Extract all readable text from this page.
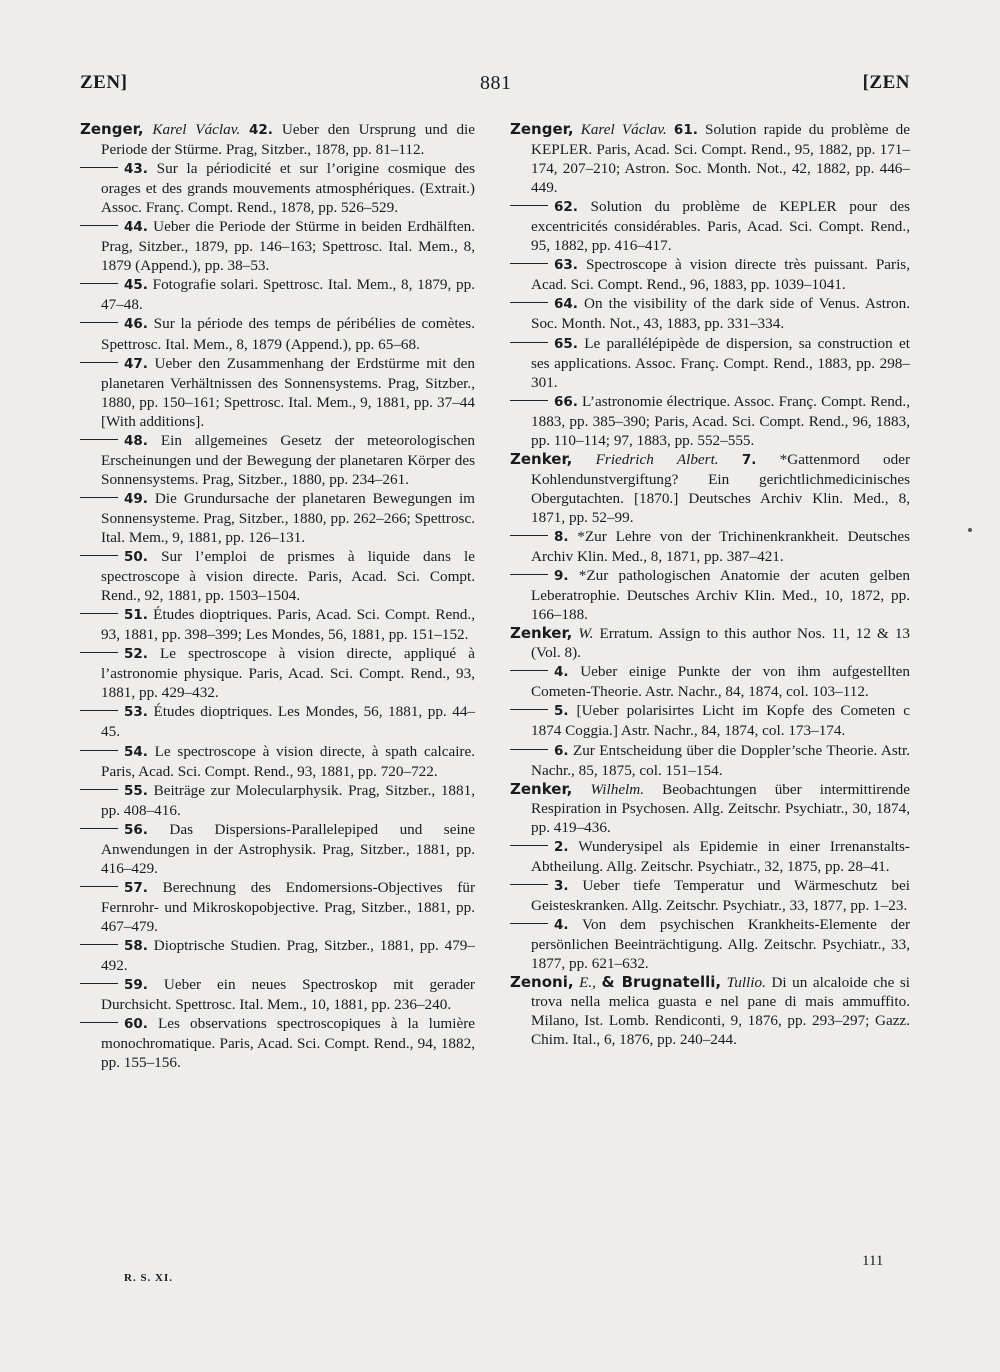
ZEN]	881	[ZEN

Zenger, Karel Václav. 42. Ueber den Ursprung und die Periode der Stürme. Prag, Sitzber., 1878, pp. 81–112.

43. Sur la périodicité et sur l’origine cosmique des orages et des grands mouvements atmosphériques. (Extrait.) Assoc. Franç. Compt. Rend., 1878, pp. 526–529.

44. Ueber die Periode der Stürme in beiden Erdhälften. Prag, Sitzber., 1879, pp. 146–163; Spettrosc. Ital. Mem., 8, 1879 (Append.), pp. 38–53.

45. Fotografie solari. Spettrosc. Ital. Mem., 8, 1879, pp. 47–48.

46. Sur la période des temps de péribélies de comètes. Spettrosc. Ital. Mem., 8, 1879 (Append.), pp. 65–68.

47. Ueber den Zusammenhang der Erdstürme mit den planetaren Verhältnissen des Sonnensystems. Prag, Sitzber., 1880, pp. 150–161; Spettrosc. Ital. Mem., 9, 1881, pp. 37–44 [With additions].

48. Ein allgemeines Gesetz der meteorologischen Erscheinungen und der Bewegung der planetaren Körper des Sonnensystems. Prag, Sitzber., 1880, pp. 234–261.

49. Die Grundursache der planetaren Bewegungen im Sonnensysteme. Prag, Sitzber., 1880, pp. 262–266; Spettrosc. Ital. Mem., 9, 1881, pp. 126–131.

50. Sur l’emploi de prismes à liquide dans le spectroscope à vision directe. Paris, Acad. Sci. Compt. Rend., 92, 1881, pp. 1503–1504.

51. Études dioptriques. Paris, Acad. Sci. Compt. Rend., 93, 1881, pp. 398–399; Les Mondes, 56, 1881, pp. 151–152.

52. Le spectroscope à vision directe, appliqué à l’astronomie physique. Paris, Acad. Sci. Compt. Rend., 93, 1881, pp. 429–432.

53. Études dioptriques. Les Mondes, 56, 1881, pp. 44–45.

54. Le spectroscope à vision directe, à spath calcaire. Paris, Acad. Sci. Compt. Rend., 93, 1881, pp. 720–722.

55. Beiträge zur Molecularphysik. Prag, Sitzber., 1881, pp. 408–416.

56. Das Dispersions-Parallelepiped und seine Anwendungen in der Astrophysik. Prag, Sitzber., 1881, pp. 416–429.

57. Berechnung des Endomersions-Objectives für Fernrohr- und Mikroskopobjective. Prag, Sitzber., 1881, pp. 467–479.

58. Dioptrische Studien. Prag, Sitzber., 1881, pp. 479–492.

59. Ueber ein neues Spectroskop mit gerader Durchsicht. Spettrosc. Ital. Mem., 10, 1881, pp. 236–240.

60. Les observations spectroscopiques à la lumière monochromatique. Paris, Acad. Sci. Compt. Rend., 94, 1882, pp. 155–156.

Zenger, Karel Václav. 61. Solution rapide du problème de KEPLER. Paris, Acad. Sci. Compt. Rend., 95, 1882, pp. 171–174, 207–210; Astron. Soc. Month. Not., 42, 1882, pp. 446–449.

62. Solution du problème de KEPLER pour des excentricités considérables. Paris, Acad. Sci. Compt. Rend., 95, 1882, pp. 416–417.

63. Spectroscope à vision directe très puissant. Paris, Acad. Sci. Compt. Rend., 96, 1883, pp. 1039–1041.

64. On the visibility of the dark side of Venus. Astron. Soc. Month. Not., 43, 1883, pp. 331–334.

65. Le parallélépipède de dispersion, sa construction et ses applications. Assoc. Franç. Compt. Rend., 1883, pp. 298–301.

66. L’astronomie électrique. Assoc. Franç. Compt. Rend., 1883, pp. 385–390; Paris, Acad. Sci. Compt. Rend., 96, 1883, pp. 110–114; 97, 1883, pp. 552–555.

Zenker, Friedrich Albert. 7. *Gattenmord oder Kohlendunstvergiftung? Ein gerichtlichmedicinisches Obergutachten. [1870.] Deutsches Archiv Klin. Med., 8, 1871, pp. 52–99.

8. *Zur Lehre von der Trichinenkrankheit. Deutsches Archiv Klin. Med., 8, 1871, pp. 387–421.

9. *Zur pathologischen Anatomie der acuten gelben Leberatrophie. Deutsches Archiv Klin. Med., 10, 1872, pp. 166–188.

Zenker, W. Erratum. Assign to this author Nos. 11, 12 & 13 (Vol. 8).

4. Ueber einige Punkte der von ihm aufgestellten Cometen-Theorie. Astr. Nachr., 84, 1874, col. 103–112.

5. [Ueber polarisirtes Licht im Kopfe des Cometen c 1874 Coggia.] Astr. Nachr., 84, 1874, col. 173–174.

6. Zur Entscheidung über die Doppler’sche Theorie. Astr. Nachr., 85, 1875, col. 151–154.

Zenker, Wilhelm. Beobachtungen über intermittirende Respiration in Psychosen. Allg. Zeitschr. Psychiatr., 30, 1874, pp. 419–436.

2. Wunderysipel als Epidemie in einer Irrenanstalts-Abtheilung. Allg. Zeitschr. Psychiatr., 32, 1875, pp. 28–41.

3. Ueber tiefe Temperatur und Wärmeschutz bei Geisteskranken. Allg. Zeitschr. Psychiatr., 33, 1877, pp. 1–23.

4. Von dem psychischen Krankheits-Elemente der persönlichen Beeinträchtigung. Allg. Zeitschr. Psychiatr., 33, 1877, pp. 621–632.

Zenoni, E., & Brugnatelli, Tullio. Di un alcaloide che si trova nella melica guasta e nel pane di mais ammuffito. Milano, Ist. Lomb. Rendiconti, 9, 1876, pp. 293–297; Gazz. Chim. Ital., 6, 1876, pp. 240–244.

R. S. XI.
111
